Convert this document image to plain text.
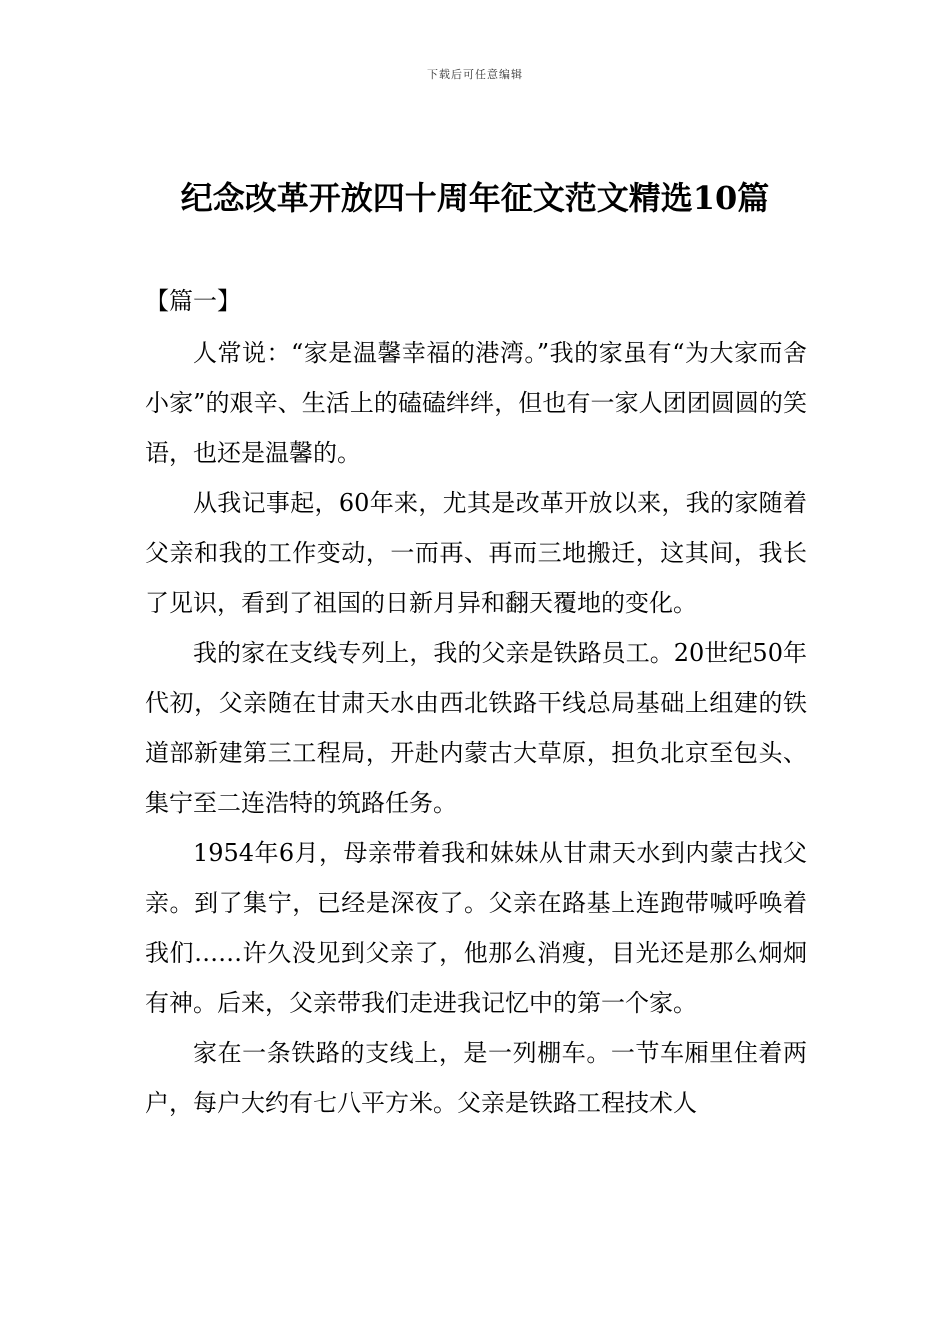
下载后可任意编辑
纪念改革开放四十周年征文范文精选10篇
【篇一】

人常说：“家是温馨幸福的港湾。”我的家虽有“为大家而舍小家”的艰辛、生活上的磕磕绊绊，但也有一家人团团圆圆的笑语，也还是温馨的。

从我记事起，60年来，尤其是改革开放以来，我的家随着父亲和我的工作变动，一而再、再而三地搬迁，这其间，我长了见识，看到了祖国的日新月异和翻天覆地的变化。

我的家在支线专列上，我的父亲是铁路员工。20世纪50年代初，父亲随在甘肃天水由西北铁路干线总局基础上组建的铁道部新建第三工程局，开赴内蒙古大草原，担负北京至包头、集宁至二连浩特的筑路任务。

1954年6月，母亲带着我和妹妹从甘肃天水到内蒙古找父亲。到了集宁，已经是深夜了。父亲在路基上连跑带喊呼唤着我们……许久没见到父亲了，他那么消瘦，目光还是那么炯炯有神。后来，父亲带我们走进我记忆中的第一个家。

家在一条铁路的支线上，是一列棚车。一节车厢里住着两户，每户大约有七八平方米。父亲是铁路工程技术人
